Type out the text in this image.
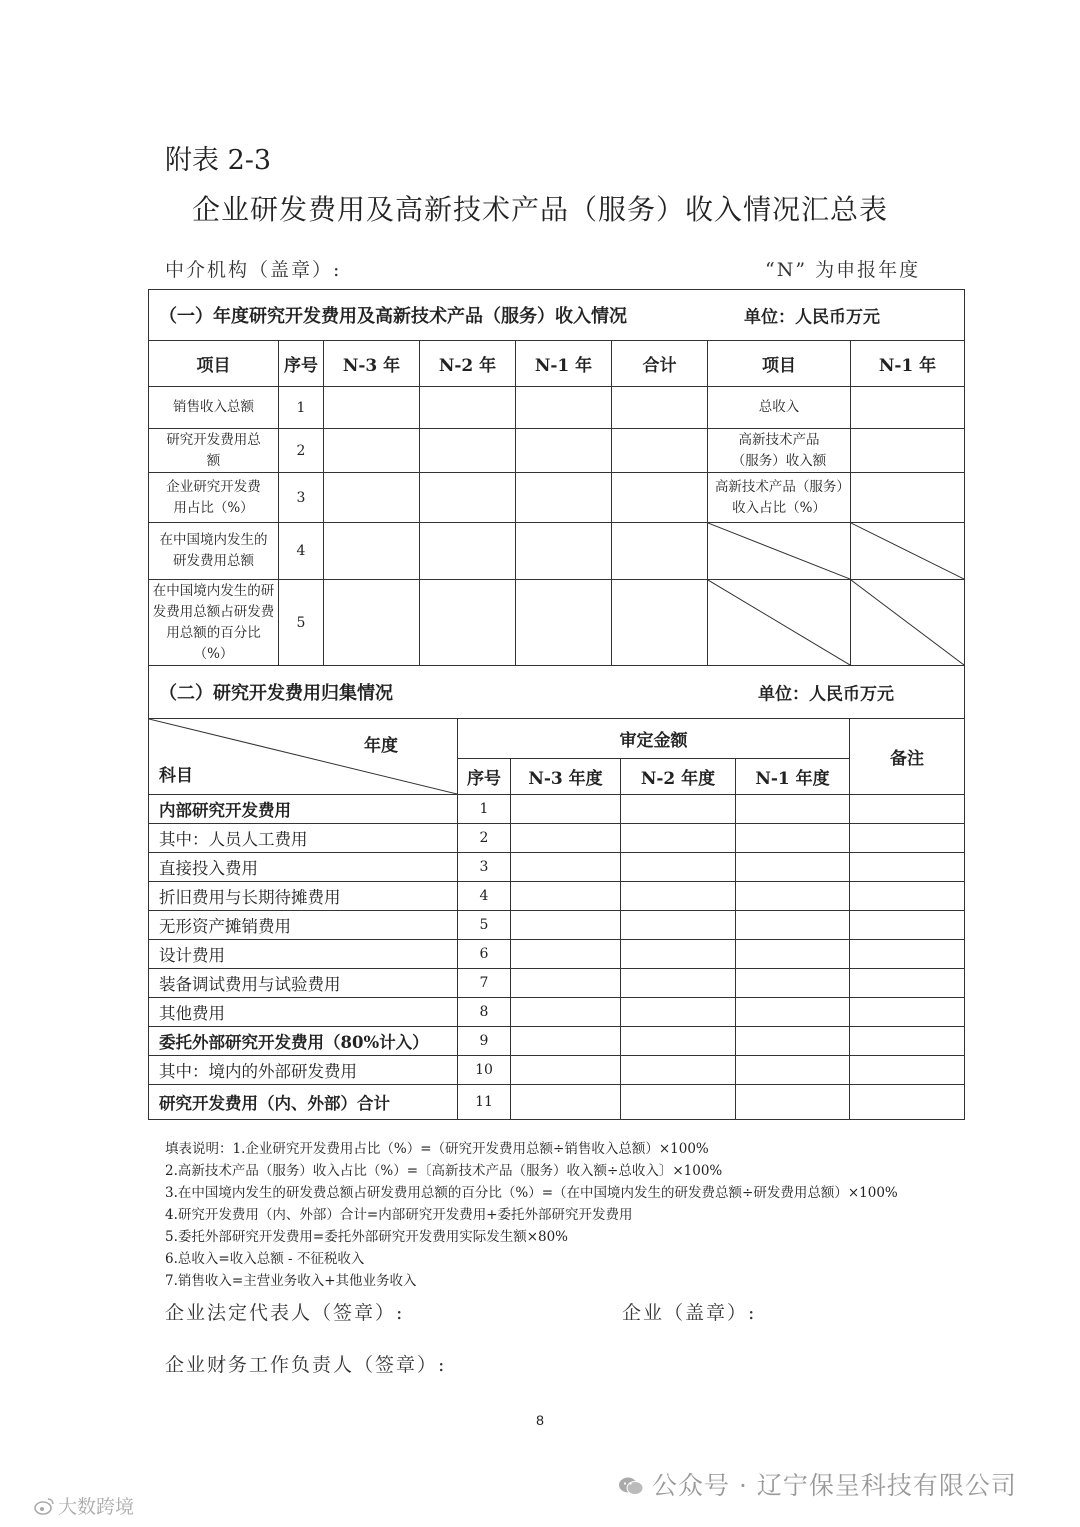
附表 2-3
企业研发费用及高新技术产品（服务）收入情况汇总表
中介机构（盖章）:	“N” 为申报年度
（一）年度研究开发费用及高新技术产品（服务）收入情况 单位：人民币万元							

项目	序号	N-3 年	N-2 年	N-1 年	合计	项目	N-1 年
销售收入总额	1					总收入	
研究开发费用总额	2					高新技术产品（服务）收入额	
企业研究开发费用占比（%）	3					高新技术产品（服务）收入占比（%）	
在中国境内发生的研发费用总额	4					

在中国境内发生的研发费用总额占研发费用总额的百分比（%）	5					

（二）研究开发费用归集情况 单位：人民币万元							
年度
科目	审定金额				备注
	序号	N-3 年度	N-2 年度	N-1 年度	
内部研究开发费用	1				
其中：人员人工费用	2				
直接投入费用	3				
折旧费用与长期待摊费用	4				
无形资产摊销费用	5				
设计费用	6				
装备调试费用与试验费用	7				
其他费用	8				
委托外部研究开发费用（80%计入）	9				
其中：境内的外部研发费用	10				
研究开发费用（内、外部）合计	11				
填表说明：1.企业研究开发费用占比（%）=（研究开发费用总额÷销售收入总额）×100%
2.高新技术产品（服务）收入占比（%）=〔高新技术产品（服务）收入额÷总收入〕×100%
3.在中国境内发生的研发费总额占研发费用总额的百分比（%）=（在中国境内发生的研发费总额÷研发费用总额）×100%
4.研究开发费用（内、外部）合计=内部研究开发费用+委托外部研究开发费用
5.委托外部研究开发费用=委托外部研究开发费用实际发生额×80%
6.总收入=收入总额 - 不征税收入
7.销售收入=主营业务收入+其他业务收入
企业法定代表人（签章）:	企业（盖章）:
企业财务工作负责人（签章）:
8
公众号 · 辽宁保呈科技有限公司
大数跨境
